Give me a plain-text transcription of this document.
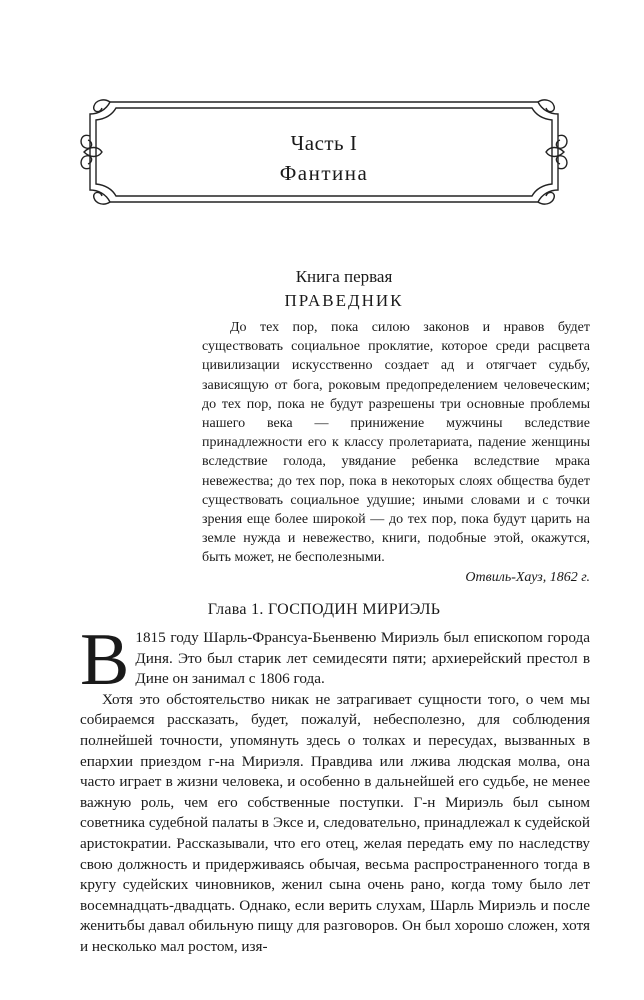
Часть I
Фантина
Книга первая
ПРАВЕДНИК

До тех пор, пока силою законов и нравов будет существовать социальное проклятие, которое среди расцвета цивилизации искусственно создает ад и отягчает судьбу, зависящую от бога, роковым предопределением человеческим; до тех пор, пока не будут разрешены три основные проблемы нашего века — принижение мужчины вследствие принадлежности его к классу пролетариата, падение женщины вследствие голода, увядание ребенка вследствие мрака невежества; до тех пор, пока в некоторых слоях общества будет существовать социальное удушие; иными словами и с точки зрения еще более широкой — до тех пор, пока будут царить на земле нужда и невежество, книги, подобные этой, окажутся, быть может, не бесполезными.

Отвиль-Хауз, 1862 г.
Глава 1. ГОСПОДИН МИРИЭЛЬ

В 1815 году Шарль-Франсуа-Бьенвеню Мириэль был епископом города Диня. Это был старик лет семидесяти пяти; архиерейский престол в Дине он занимал с 1806 года.

Хотя это обстоятельство никак не затрагивает сущности того, о чем мы собираемся рассказать, будет, пожалуй, небесполезно, для соблюдения полнейшей точности, упомянуть здесь о толках и пересудах, вызванных в епархии приездом г-на Мириэля. Правдива или лжива людская молва, она часто играет в жизни человека, и особенно в дальнейшей его судьбе, не менее важную роль, чем его собственные поступки. Г-н Мириэль был сыном советника судебной палаты в Эксе и, следовательно, принадлежал к судейской аристократии. Рассказывали, что его отец, желая передать ему по наследству свою должность и придерживаясь обычая, весьма распространенного тогда в кругу судейских чиновников, женил сына очень рано, когда тому было лет восемнадцать-двадцать. Однако, если верить слухам, Шарль Мириэль и после женитьбы давал обильную пищу для разговоров. Он был хорошо сложен, хотя и несколько мал ростом, изя-
